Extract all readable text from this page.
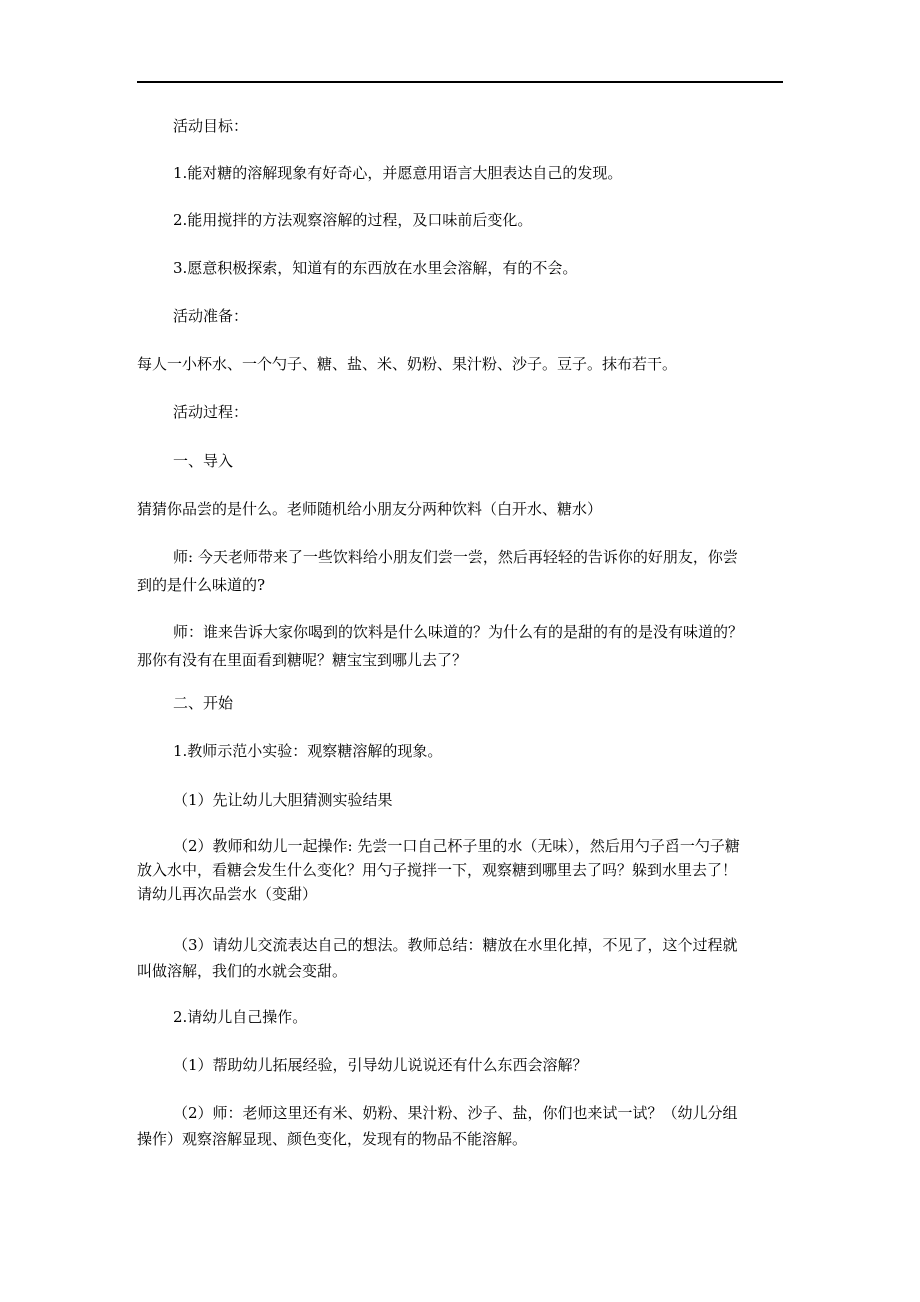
活动目标：

1.能对糖的溶解现象有好奇心，并愿意用语言大胆表达自己的发现。

2.能用搅拌的方法观察溶解的过程，及口味前后变化。

3.愿意积极探索，知道有的东西放在水里会溶解，有的不会。

活动准备：

每人一小杯水、一个勺子、糖、盐、米、奶粉、果汁粉、沙子。豆子。抹布若干。

活动过程：

一、导入

猜猜你品尝的是什么。老师随机给小朋友分两种饮料（白开水、糖水）

师: 今天老师带来了一些饮料给小朋友们尝一尝，然后再轻轻的告诉你的好朋友，你尝
到的是什么味道的?
师：谁来告诉大家你喝到的饮料是什么味道的？为什么有的是甜的有的是没有味道的？
那你有没有在里面看到糖呢？糖宝宝到哪儿去了？

二、开始

1.教师示范小实验：观察糖溶解的现象。

（1）先让幼儿大胆猜测实验结果

（2）教师和幼儿一起操作: 先尝一口自己杯子里的水（无味），然后用勺子舀一勺子糖
放入水中，看糖会发生什么变化？用勺子搅拌一下，观察糖到哪里去了吗？躲到水里去了！
请幼儿再次品尝水（变甜）
（3）请幼儿交流表达自己的想法。教师总结：糖放在水里化掉，不见了，这个过程就
叫做溶解，我们的水就会变甜。

2.请幼儿自己操作。

（1）帮助幼儿拓展经验，引导幼儿说说还有什么东西会溶解？

（2）师：老师这里还有米、奶粉、果汁粉、沙子、盐，你们也来试一试？（幼儿分组
操作）观察溶解显现、颜色变化，发现有的物品不能溶解。
